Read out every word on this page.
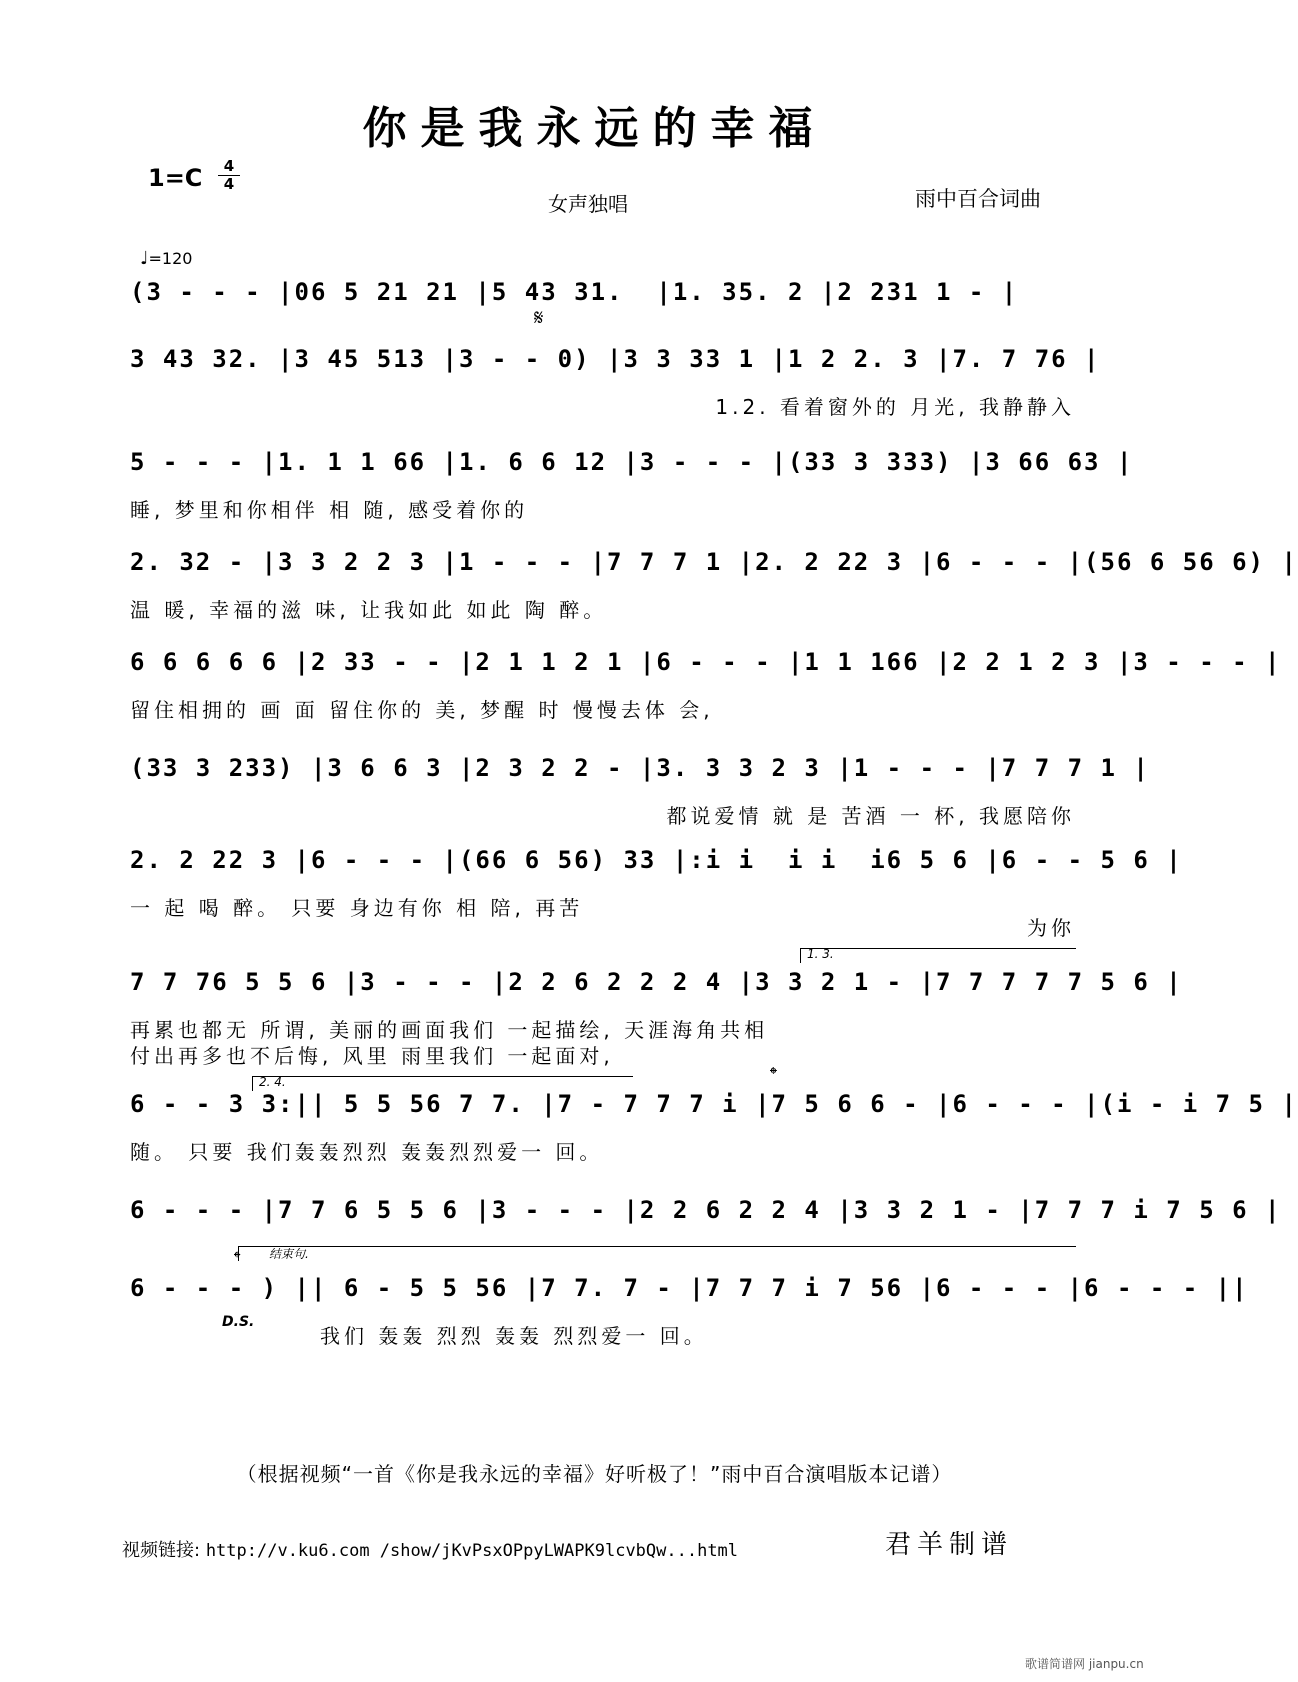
你是我永远的幸福
1=C	4
4
女声独唱	雨中百合词曲
♩=120
(3 - - - |06 5 21 21 |5 43 31.  |1. 35. 2 |2 231 1 - |
𝄋
3 43 32. |3 45 513 |3 - - 0) |3 3 33 1 |1 2 2. 3 |7. 7 76 |
1.2. 看着窗外的 月光, 我静静入
5 - - - |1. 1 1 66 |1. 6 6 12 |3 - - - |(33 3 333) |3 66 63 |
睡, 梦里和你相伴 相 随, 感受着你的
2. 32 - |3 3 2 2 3 |1 - - - |7 7 7 1 |2. 2 22 3 |6 - - - |(56 6 56 6) |
温 暖, 幸福的滋 味, 让我如此 如此 陶 醉。
6 6 6 6 6 |2 33 - - |2 1 1 2 1 |6 - - - |1 1 166 |2 2 1 2 3 |3 - - - |
留住相拥的 画 面 留住你的 美, 梦醒 时 慢慢去体 会,
(33 3 233) |3 6 6 3 |2 3 2 2 - |3. 3 3 2 3 |1 - - - |7 7 7 1 |
都说爱情 就 是 苦酒 一 杯, 我愿陪你
2. 2 22 3 |6 - - - |(66 6 56) 33 |:i i  i i  i6 5 6 |6 - - 5 6 |
一 起 喝 醉。 只要 身边有你 相 陪, 再苦
为你
1. 3.
7 7 76 5 5 6 |3 - - - |2 2 6 2 2 2 4 |3 3 2 1 - |7 7 7 7 7 5 6 |
再累也都无 所谓, 美丽的画面我们 一起描绘, 天涯海角共相
付出再多也不后悔, 风里 雨里我们 一起面对,
2. 4.	𝄌
6 - - 3 3:|| 5 5 56 7 7. |7 - 7 7 7 i |7 5 6 6 - |6 - - - |(i - i 7 5 |
随。 只要 我们轰轰烈烈 轰轰烈烈爱一 回。
6 - - - |7 7 6 5 5 6 |3 - - - |2 2 6 2 2 4 |3 3 2 1 - |7 7 7 i 7 5 6 |
结束句.
𝄌
6 - - - ) || 6 - 5 5 56 |7 7. 7 - |7 7 7 i 7 56 |6 - - - |6 - - - ||
D.S.
我们 轰轰 烈烈 轰轰 烈烈爱一 回。
（根据视频“一首《你是我永远的幸福》好听极了！”雨中百合演唱版本记谱）
视频链接: http://v.ku6.com /show/jKvPsxOPpyLWAPK9lcvbQw...html	君羊制谱
歌谱简谱网 jianpu.cn
